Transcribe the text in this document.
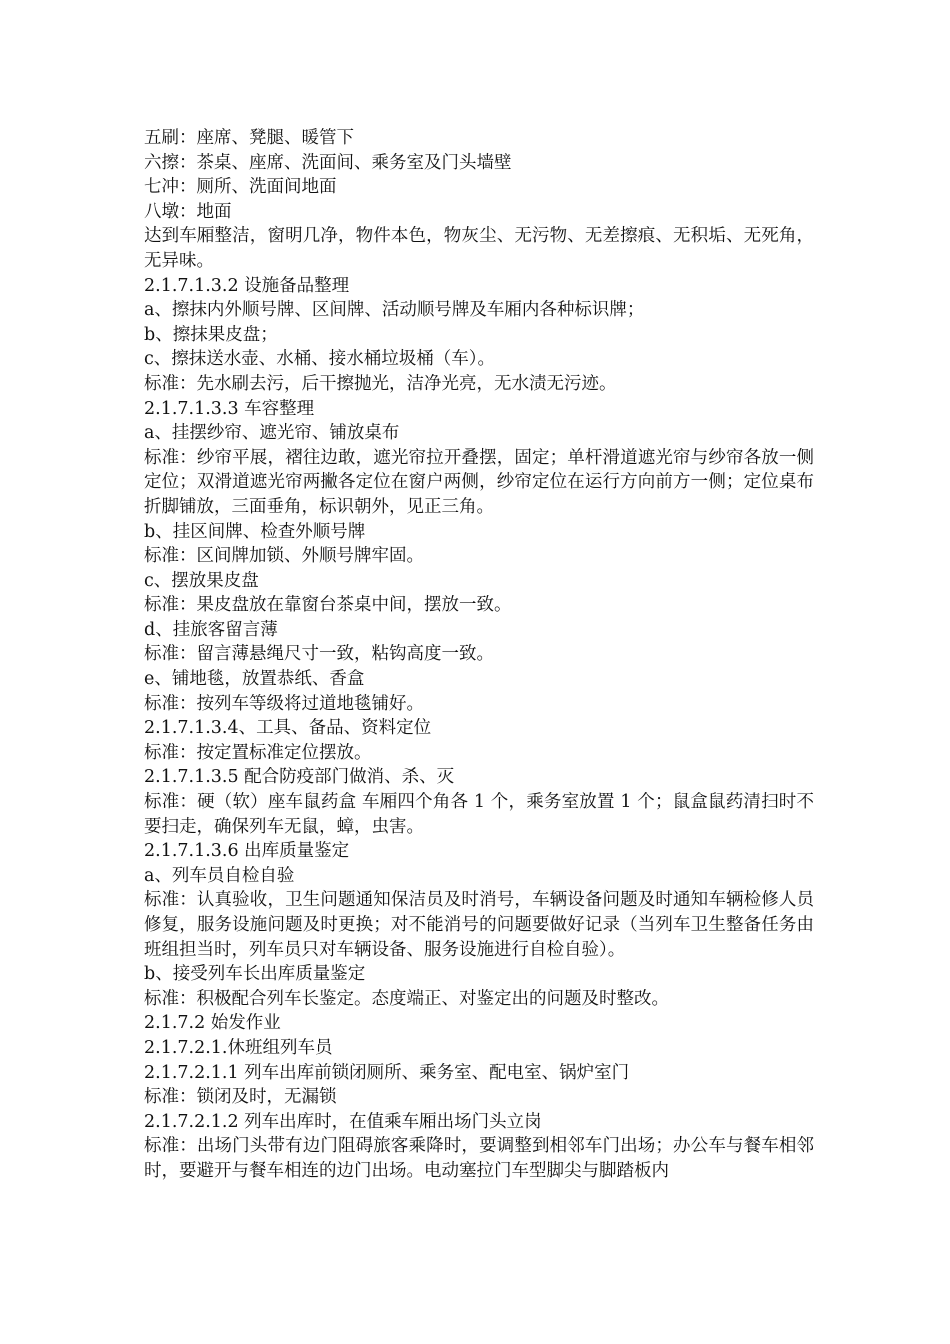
五刷：座席、凳腿、暖管下
六擦：茶桌、座席、洗面间、乘务室及门头墙壁
七冲：厕所、洗面间地面
八墩：地面
达到车厢整洁，窗明几净，物件本色，物灰尘、无污物、无差擦痕、无积垢、无死角，无异味。
2.1.7.1.3.2 设施备品整理
a、擦抹内外顺号牌、区间牌、活动顺号牌及车厢内各种标识牌；
b、擦抹果皮盘；
c、擦抹送水壶、水桶、接水桶垃圾桶（车）。
标准：先水刷去污，后干擦抛光，洁净光亮，无水渍无污迹。
2.1.7.1.3.3 车容整理
a、挂摆纱帘、遮光帘、铺放桌布
标准：纱帘平展，褶往边敢，遮光帘拉开叠摆，固定；单杆滑道遮光帘与纱帘各放一侧定位；双滑道遮光帘两撇各定位在窗户两侧，纱帘定位在运行方向前方一侧；定位桌布折脚铺放，三面垂角，标识朝外，见正三角。
b、挂区间牌、检查外顺号牌
标准：区间牌加锁、外顺号牌牢固。
c、摆放果皮盘
标准：果皮盘放在靠窗台茶桌中间，摆放一致。
d、挂旅客留言薄
标准：留言薄悬绳尺寸一致，粘钩高度一致。
e、铺地毯，放置恭纸、香盒
标准：按列车等级将过道地毯铺好。
2.1.7.1.3.4、工具、备品、资料定位
标准：按定置标准定位摆放。
2.1.7.1.3.5 配合防疫部门做消、杀、灭
标准：硬（软）座车鼠药盒 车厢四个角各 1 个，乘务室放置 1 个；鼠盒鼠药清扫时不要扫走，确保列车无鼠，蟑，虫害。
2.1.7.1.3.6 出库质量鉴定
a、列车员自检自验
标准：认真验收，卫生问题通知保洁员及时消号，车辆设备问题及时通知车辆检修人员修复，服务设施问题及时更换；对不能消号的问题要做好记录（当列车卫生整备任务由班组担当时，列车员只对车辆设备、服务设施进行自检自验）。
b、接受列车长出库质量鉴定
标准：积极配合列车长鉴定。态度端正、对鉴定出的问题及时整改。
2.1.7.2 始发作业
2.1.7.2.1.休班组列车员
2.1.7.2.1.1 列车出库前锁闭厕所、乘务室、配电室、锅炉室门
标准：锁闭及时，无漏锁
2.1.7.2.1.2 列车出库时，在值乘车厢出场门头立岗
标准：出场门头带有边门阻碍旅客乘降时，要调整到相邻车门出场；办公车与餐车相邻时，要避开与餐车相连的边门出场。电动塞拉门车型脚尖与脚踏板内
